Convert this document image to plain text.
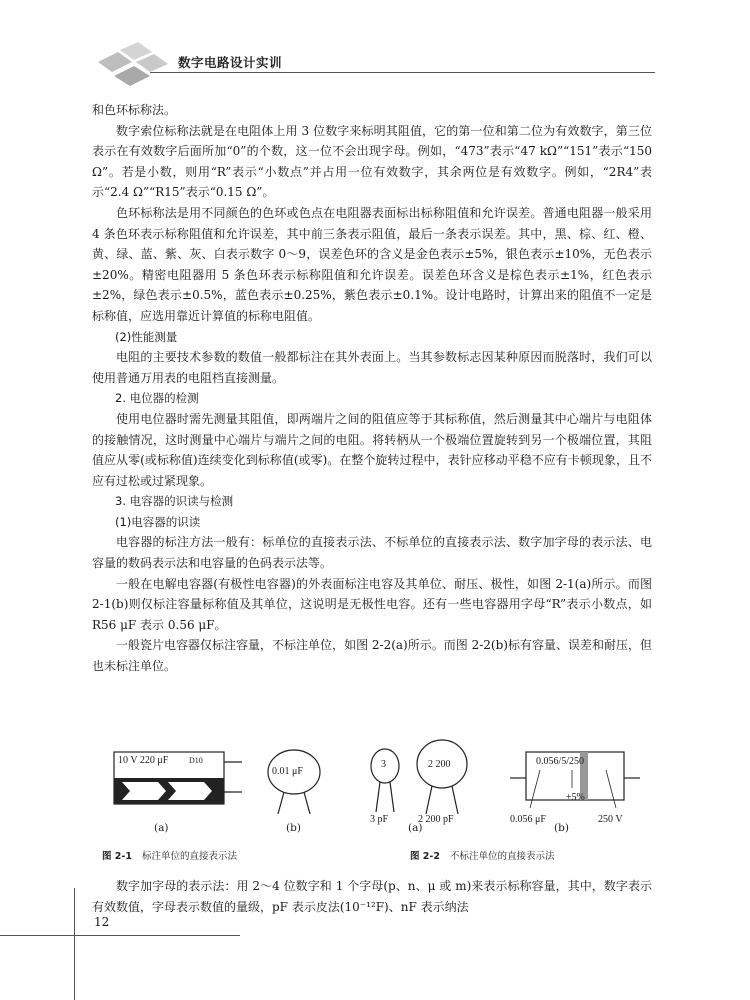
数字电路设计实训

和色环标称法。

数字索位标称法就是在电阻体上用 3 位数字来标明其阻值，它的第一位和第二位为有效数字，第三位表示在有效数字后面所加“0”的个数，这一位不会出现字母。例如，“473”表示“47 kΩ”“151”表示“150 Ω”。若是小数，则用“R”表示“小数点”并占用一位有效数字，其余两位是有效数字。例如，“2R4”表示“2.4 Ω”“R15”表示“0.15 Ω”。

色环标称法是用不同颜色的色环或色点在电阻器表面标出标称阻值和允许误差。普通电阻器一般采用 4 条色环表示标称阻值和允许误差，其中前三条表示阻值，最后一条表示误差。其中，黑、棕、红、橙、黄、绿、蓝、紫、灰、白表示数字 0～9，误差色环的含义是金色表示±5%，银色表示±10%，无色表示±20%。精密电阻器用 5 条色环表示标称阻值和允许误差。误差色环含义是棕色表示±1%，红色表示±2%，绿色表示±0.5%，蓝色表示±0.25%，紫色表示±0.1%。设计电路时，计算出来的阻值不一定是标称值，应选用靠近计算值的标称电阻值。

(2)性能测量

电阻的主要技术参数的数值一般都标注在其外表面上。当其参数标志因某种原因而脱落时，我们可以使用普通万用表的电阻档直接测量。

2. 电位器的检测

使用电位器时需先测量其阻值，即两端片之间的阻值应等于其标称值，然后测量其中心端片与电阻体的接触情况，这时测量中心端片与端片之间的电阻。将转柄从一个极端位置旋转到另一个极端位置，其阻值应从零(或标称值)连续变化到标称值(或零)。在整个旋转过程中，表针应移动平稳不应有卡顿现象，且不应有过松或过紧现象。

3. 电容器的识读与检测

(1)电容器的识读

电容器的标注方法一般有：标单位的直接表示法、不标单位的直接表示法、数字加字母的表示法、电容量的数码表示法和电容量的色码表示法等。

一般在电解电容器(有极性电容器)的外表面标注电容及其单位、耐压、极性，如图 2-1(a)所示。而图 2-1(b)则仅标注容量标称值及其单位，这说明是无极性电容。还有一些电容器用字母“R”表示小数点，如 R56 μF 表示 0.56 μF。

一般瓷片电容器仅标注容量，不标注单位，如图 2-2(a)所示。而图 2-2(b)标有容量、误差和耐压，但也未标注单位。

10 V 220 μF	D10
(a)
0.01 μF
(b)
3
3 pF
2 200
2 200 pF
(a)
0.056/5/250
±5%
0.056 μF	250 V
(b)
图 2-1 标注单位的直接表示法	图 2-2 不标注单位的直接表示法

数字加字母的表示法：用 2～4 位数字和 1 个字母(p、n、μ 或 m)来表示标称容量，其中，数字表示有效数值，字母表示数值的量级，pF 表示皮法(10⁻¹²F)、nF 表示纳法

12
